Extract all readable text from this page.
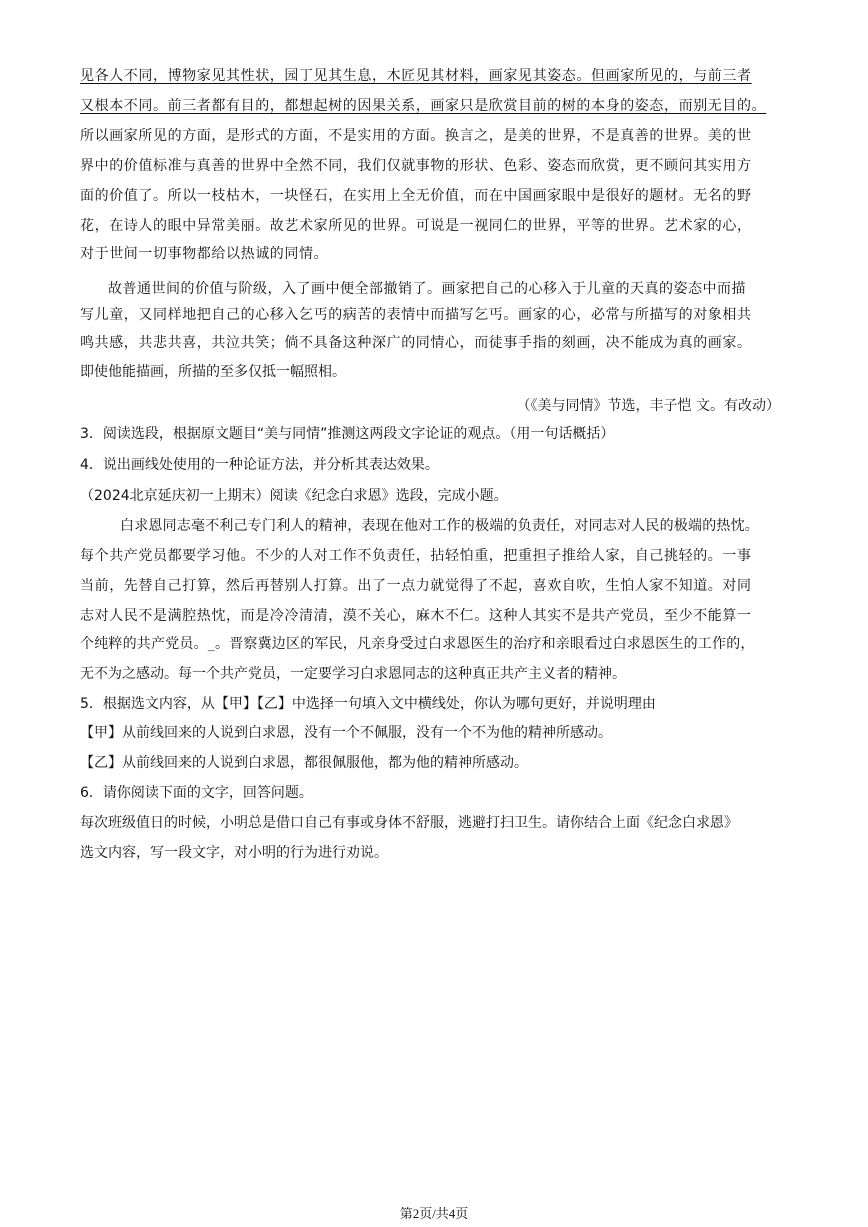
见各人不同，博物家见其性状，园丁见其生息，木匠见其材料，画家见其姿态。但画家所见的，与前三者

又根本不同。前三者都有目的，都想起树的因果关系，画家只是欣赏目前的树的本身的姿态，而别无目的。

所以画家所见的方面，是形式的方面，不是实用的方面。换言之，是美的世界，不是真善的世界。美的世

界中的价值标准与真善的世界中全然不同，我们仅就事物的形状、色彩、姿态而欣赏，更不顾问其实用方

面的价值了。所以一枝枯木，一块怪石，在实用上全无价值，而在中国画家眼中是很好的题材。无名的野

花，在诗人的眼中异常美丽。故艺术家所见的世界。可说是一视同仁的世界，平等的世界。艺术家的心，

对于世间一切事物都给以热诚的同情。

故普通世间的价值与阶级，入了画中便全部撤销了。画家把自己的心移入于儿童的天真的姿态中而描

写儿童，又同样地把自己的心移入乞丐的病苦的表情中而描写乞丐。画家的心，必常与所描写的对象相共

鸣共感，共悲共喜，共泣共笑；倘不具备这种深广的同情心，而徒事手指的刻画，决不能成为真的画家。

即使他能描画，所描的至多仅抵一幅照相。

（《美与同情》节选，丰子恺 文。有改动）

3．阅读选段，根据原文题目“美与同情”推测这两段文字论证的观点。（用一句话概括）

4．说出画线处使用的一种论证方法，并分析其表达效果。

（2024北京延庆初一上期末）阅读《纪念白求恩》选段，完成小题。

白求恩同志毫不利己专门利人的精神，表现在他对工作的极端的负责任，对同志对人民的极端的热忱。

每个共产党员都要学习他。不少的人对工作不负责任，拈轻怕重，把重担子推给人家，自己挑轻的。一事

当前，先替自己打算，然后再替别人打算。出了一点力就觉得了不起，喜欢自吹，生怕人家不知道。对同

志对人民不是满腔热忱，而是冷冷清清，漠不关心，麻木不仁。这种人其实不是共产党员，至少不能算一

个纯粹的共产党员。_。晋察冀边区的军民，凡亲身受过白求恩医生的治疗和亲眼看过白求恩医生的工作的，

无不为之感动。每一个共产党员，一定要学习白求恩同志的这种真正共产主义者的精神。

5．根据选文内容，从【甲】【乙】中选择一句填入文中横线处，你认为哪句更好，并说明理由

【甲】从前线回来的人说到白求恩，没有一个不佩服，没有一个不为他的精神所感动。

【乙】从前线回来的人说到白求恩，都很佩服他，都为他的精神所感动。

6．请你阅读下面的文字，回答问题。

每次班级值日的时候，小明总是借口自己有事或身体不舒服，逃避打扫卫生。请你结合上面《纪念白求恩》

选文内容，写一段文字，对小明的行为进行劝说。

第2页/共4页
